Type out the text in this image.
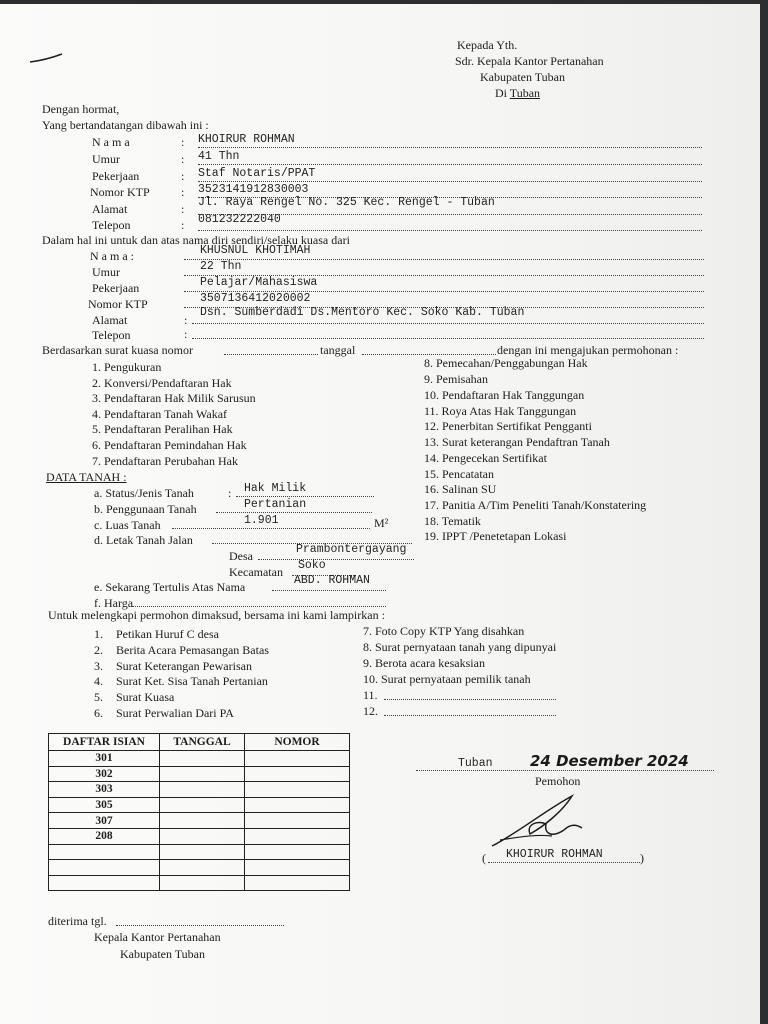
Kepada Yth.
Sdr. Kepala Kantor Pertanahan
Kabupaten Tuban
Di Tuban
Dengan hormat,
Yang bertandatangan dibawah ini :
N a m a	: KHOIRUR ROHMAN
Umur	: 41 Thn
Pekerjaan	: Staf Notaris/PPAT
Nomor KTP	: 3523141912830003
Alamat	: Jl. Raya Rengel No. 325 Kec. Rengel - Tuban
Telepon	: 081232222040
Dalam hal ini untuk dan atas nama diri sendiri/selaku kuasa dari
N a m a :	KHUSNUL KHOTIMAH
Umur	22 Thn
Pekerjaan	Pelajar/Mahasiswa
Nomor KTP	3507136412020002
Alamat	:
Dsn. Sumberdadi Ds.Mentoro Kec. Soko Kab. Tuban
Telepon	:
Berdasarkan surat kuasa nomor	tanggal	dengan ini mengajukan permohonan :
1. Pengukuran
2. Konversi/Pendaftaran Hak
3. Pendaftaran Hak Milik Sarusun
4. Pendaftaran Tanah Wakaf
5. Pendaftaran Peralihan Hak
6. Pendaftaran Pemindahan Hak
7. Pendaftaran Perubahan Hak
8. Pemecahan/Penggabungan Hak
9. Pemisahan
10. Pendaftaran Hak Tanggungan
11. Roya Atas Hak Tanggungan
12. Penerbitan Sertifikat Pengganti
13. Surat keterangan Pendaftran Tanah
14. Pengecekan Sertifikat
15. Pencatatan
16. Salinan SU
17. Panitia A/Tim Peneliti Tanah/Konstatering
18. Tematik
19. IPPT /Penetetapan Lokasi
DATA TANAH :
a. Status/Jenis Tanah	: Hak Milik
b. Penggunaan Tanah	Pertanian
c. Luas Tanah	1.901	M²
d. Letak Tanah Jalan
Desa	Prambontergayang
Kecamatan Soko
e. Sekarang Tertulis Atas Nama	ABD. ROHMAN
f. Harga
Untuk melengkapi permohon dimaksud, bersama ini kami lampirkan :
1. Petikan Huruf C desa
2. Berita Acara Pemasangan Batas
3. Surat Keterangan Pewarisan
4. Surat Ket. Sisa Tanah Pertanian
5. Surat Kuasa
6. Surat Perwalian Dari PA
7. Foto Copy KTP Yang disahkan
8. Surat pernyataan tanah yang dipunyai
9. Berota acara kesaksian
10. Surat pernyataan pemilik tanah
11.
12.
DAFTAR ISIAN	TANGGAL	NOMOR
301		
302		
303		
305		
307		
208		

Tuban 24 Desember 2024
Pemohon
( KHOIRUR ROHMAN	)
diterima tgl.
Kepala Kantor Pertanahan
Kabupaten Tuban
